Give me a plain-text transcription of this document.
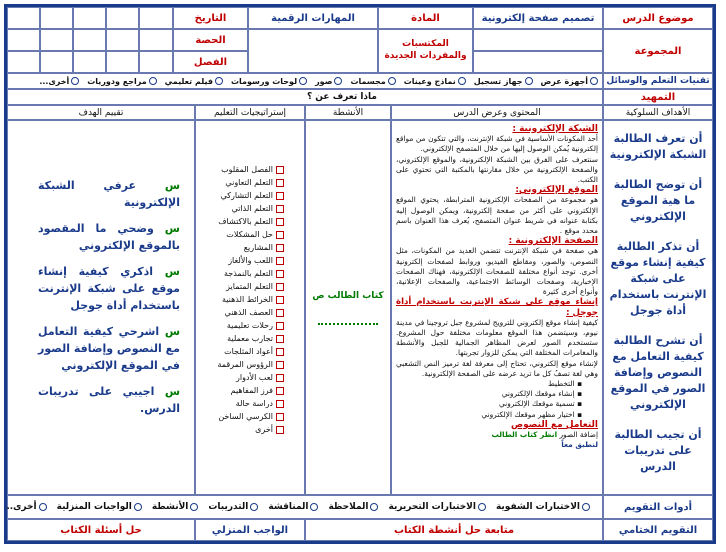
موضوع الدرس
تصميم صفحة إلكترونية
المادة
المهارات الرقمية
التاريخ
المجموعة
المكتسبات والمفردات الجديدة
الحصة
الفصل
تقنيات التعلم والوسائل
أجهزة عرض
جهاز تسجيل
نماذج وعينات
مجسمات
صور
لوحات ورسومات
فيلم تعليمي
مراجع ودوريات
أخرى...
التمهيد
ماذا تعرف عن ؟
الأهداف السلوكية
المحتوى وعرض الدرس
الأنشطة
إستراتيجيات التعليم
تقييم الهدف
أن تعرف الطالبة الشبكة الإلكترونية
أن توضح الطالبة ما هية الموقع الإلكتروني
أن تذكر الطالبة كيفية إنشاء موقع على شبكة الإنترنت باستخدام أداة جوجل
أن تشرح الطالبة كيفية التعامل مع النصوص وإضافة الصور في الموقع الإلكتروني
أن تجيب الطالبة على تدريبات الدرس
الشبكة الإلكترونية :
أحد المكونات الأساسية في شبكة الإنترنت، والتي تتكون من مواقع إلكترونية يُمكن الوصول إليها من خلال المتصفح الإلكتروني.
سنتعرف على الفرق بين الشبكة الإلكترونية، والموقع الإلكتروني، والصفحة الإلكترونية من خلال مقارنتها بالمكتبة التي تحتوي على الكتب.
الموقع الإلكتروني:
هو مجموعة من الصفحات الإلكترونية المترابطة، يحتوي الموقع الإلكتروني على أكثر من صفحة إلكترونية، ويمكن الوصول إليه بكتابة عنوانه في شريط عنوان المتصفح، يُعرف هذا العنوان باسم محدد موقع .
الصفحة الإلكترونية :
هي صفحة في شبكة الإنترنت تتضمن العديد من المكونات، مثل النصوص، والصور، ومقاطع الفيديو، وروابط لصفحات إلكترونية أخرى. توجد أنواع مختلفة للصفحات الإلكترونية، فهناك الصفحات الإخبارية، وصفحات الوسائط الاجتماعية، والصفحات الإعلانية، وأنواع أخرى كثيرة
إنشاء موقع على شبكة الإنترنت باستخدام أداة جوجل :
كيفية إنشاء موقع إلكتروني للترويج لمشروع جبل تروجينا في مدينة نيوم، وسيتضمن هذا الموقع معلومات مختلفة حول المشروع. ستستخدم الصور لعرض المظاهر الجمالية للجبل والأنشطة والمغامرات المختلفة التي يمكن للزوار تجربتها.
لإنشاء موقع إلكتروني، تحتاج إلى معرفة لغة ترميز النص التشعبي وهي لغة تصفُ كل ما تريد عرضه على الصفحة الإلكترونية.
▪ التخطيط
▪ إنشاء موقعك الإلكتروني
▪ تسمية موقعك الإلكتروني
▪ اختيار مظهر موقعك الإلكتروني
التعامل مع النصوص
إضافة الصور انظر كتاب الطالب
لنطبق معاً
كتاب الطالب ص
الفصل المقلوب
التعلم التعاوني
التعلم التشاركي
التعلم الذاتي
التعلم بالاكتشاف
حل المشكلات
المشاريع
اللعب والألغاز
التعلم بالنمذجة
التعلم المتمايز
الخرائط الذهنية
العصف الذهني
رحلات تعليمية
تجارب معملية
أعواد المثلجات
الرؤوس المرقمة
لعب الأدوار
فرز المفاهيم
دراسة حالة
الكرسي الساخن
أخرى
س عرفي الشبكة الإلكترونية
س وضحي ما المقصود بالموقع الإلكتروني
س اذكري كيفية إنشاء موقع على شبكة الإنترنت باستخدام أداة جوجل
س اشرحي كيفية التعامل مع النصوص وإضافة الصور في الموقع الإلكتروني
س اجيبي على تدريبات الدرس.
أدوات التقويم
الاختبارات الشفوية
الاختبارات التحريرية
الملاحظة
المناقشة
التدريبات
الأنشطة
الواجبات المنزلية
أخرى..
التقويم الختامي
متابعة حل أنشطة الكتاب
الواجب المنزلي
حل أسئلة الكتاب
